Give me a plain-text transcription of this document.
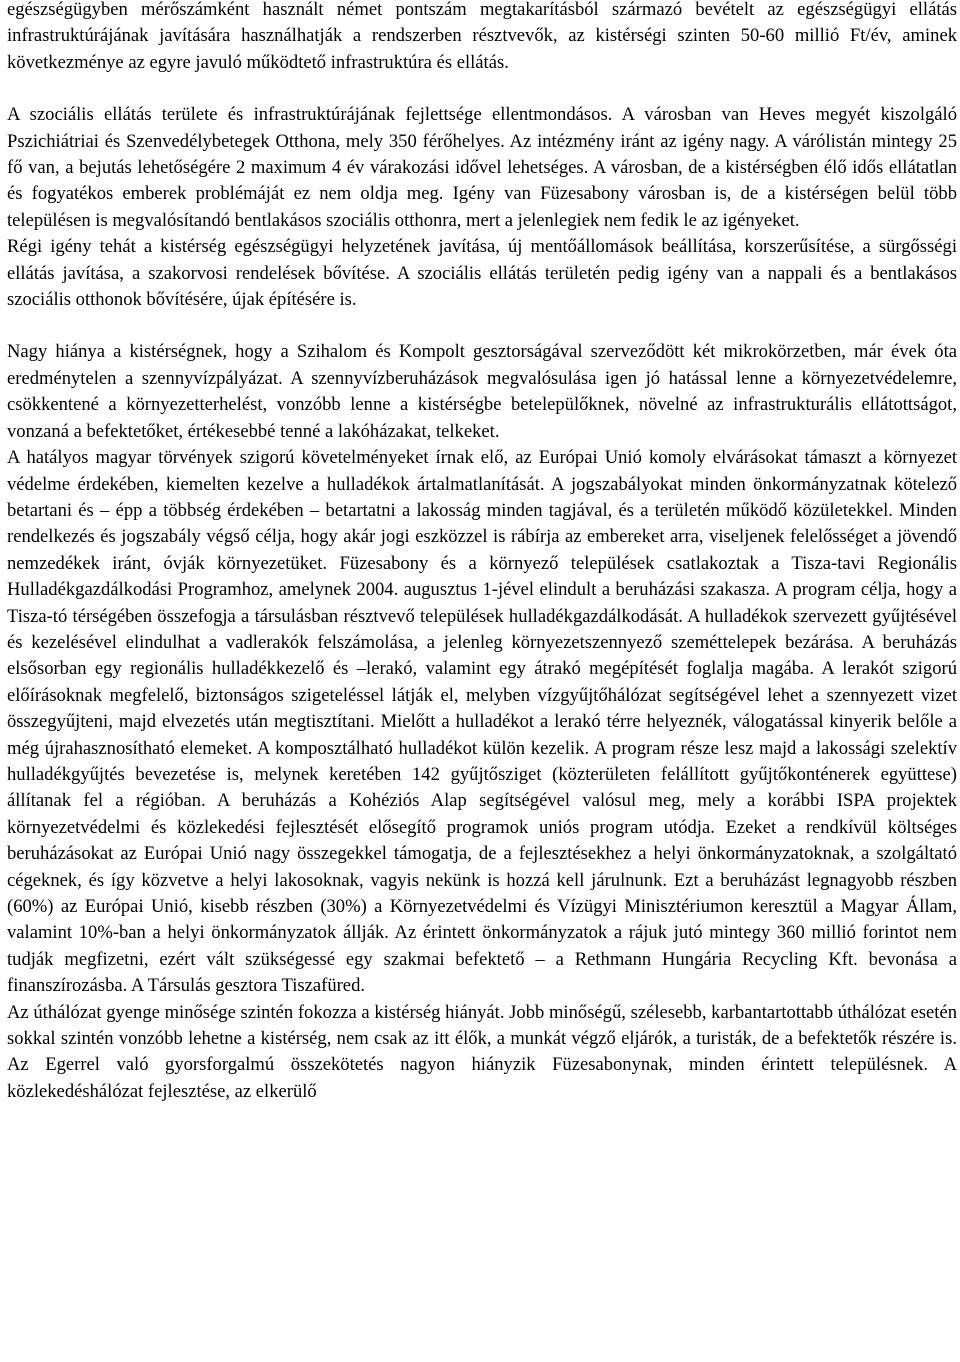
egészségügyben mérőszámként használt német pontszám megtakarításból származó bevételt az egészségügyi ellátás infrastruktúrájának javítására használhatják a rendszerben résztvevők, az kistérségi szinten 50-60 millió Ft/év, aminek következménye az egyre javuló működtető infrastruktúra és ellátás.

A szociális ellátás területe és infrastruktúrájának fejlettsége ellentmondásos. A városban van Heves megyét kiszolgáló Pszichiátriai és Szenvedélybetegek Otthona, mely 350 férőhelyes. Az intézmény iránt az igény nagy. A várólistán mintegy 25 fő van, a bejutás lehetőségére 2 maximum 4 év várakozási idővel lehetséges. A városban, de a kistérségben élő idős ellátatlan és fogyatékos emberek problémáját ez nem oldja meg. Igény van Füzesabony városban is, de a kistérségen belül több településen is megvalósítandó bentlakásos szociális otthonra, mert a jelenlegiek nem fedik le az igényeket.

Régi igény tehát a kistérség egészségügyi helyzetének javítása, új mentőállomások beállítása, korszerűsítése, a sürgősségi ellátás javítása, a szakorvosi rendelések bővítése. A szociális ellátás területén pedig igény van a nappali és a bentlakásos szociális otthonok bővítésére, újak építésére is.

Nagy hiánya a kistérségnek, hogy a Szihalom és Kompolt gesztorságával szerveződött két mikrokörzetben, már évek óta eredménytelen a szennyvízpályázat. A szennyvízberuházások megvalósulása igen jó hatással lenne a környezetvédelemre, csökkentené a környezetterhelést, vonzóbb lenne a kistérségbe betelepülőknek, növelné az infrastrukturális ellátottságot, vonzaná a befektetőket, értékesebbé tenné a lakóházakat, telkeket.

A hatályos magyar törvények szigorú követelményeket írnak elő, az Európai Unió komoly elvárásokat támaszt a környezet védelme érdekében, kiemelten kezelve a hulladékok ártalmatlanítását. A jogszabályokat minden önkormányzatnak kötelező betartani és – épp a többség érdekében – betartatni a lakosság minden tagjával, és a területén működő közületekkel. Minden rendelkezés és jogszabály végső célja, hogy akár jogi eszközzel is rábírja az embereket arra, viseljenek felelősséget a jövendő nemzedékek iránt, óvják környezetüket. Füzesabony és a környező települések csatlakoztak a Tisza-tavi Regionális Hulladékgazdálkodási Programhoz, amelynek 2004. augusztus 1-jével elindult a beruházási szakasza. A program célja, hogy a Tisza-tó térségében összefogja a társulásban résztvevő települések hulladékgazdálkodását. A hulladékok szervezett gyűjtésével és kezelésével elindulhat a vadlerakók felszámolása, a jelenleg környezetszennyező szeméttelepek bezárása. A beruházás elsősorban egy regionális hulladékkezelő és –lerakó, valamint egy átrakó megépítését foglalja magába. A lerakót szigorú előírásoknak megfelelő, biztonságos szigeteléssel látják el, melyben vízgyűjtőhálózat segítségével lehet a szennyezett vizet összegyűjteni, majd elvezetés után megtisztítani. Mielőtt a hulladékot a lerakó térre helyeznék, válogatással kinyerik belőle a még újrahasznosítható elemeket. A komposztálható hulladékot külön kezelik. A program része lesz majd a lakossági szelektív hulladékgyűjtés bevezetése is, melynek keretében 142 gyűjtősziget (közterületen felállított gyűjtőkonténerek együttese) állítanak fel a régióban. A beruházás a Kohéziós Alap segítségével valósul meg, mely a korábbi ISPA projektek környezetvédelmi és közlekedési fejlesztését elősegítő programok uniós program utódja. Ezeket a rendkívül költséges beruházásokat az Európai Unió nagy összegekkel támogatja, de a fejlesztésekhez a helyi önkormányzatoknak, a szolgáltató cégeknek, és így közvetve a helyi lakosoknak, vagyis nekünk is hozzá kell járulnunk. Ezt a beruházást legnagyobb részben (60%) az Európai Unió, kisebb részben (30%) a Környezetvédelmi és Vízügyi Minisztériumon keresztül a Magyar Állam, valamint 10%-ban a helyi önkormányzatok állják. Az érintett önkormányzatok a rájuk jutó mintegy 360 millió forintot nem tudják megfizetni, ezért vált szükségessé egy szakmai befektető – a Rethmann Hungária Recycling Kft. bevonása a finanszírozásba. A Társulás gesztora Tiszafüred.

Az úthálózat gyenge minősége szintén fokozza a kistérség hiányát. Jobb minőségű, szélesebb, karbantartottabb úthálózat esetén sokkal szintén vonzóbb lehetne a kistérség, nem csak az itt élők, a munkát végző eljárók, a turisták, de a befektetők részére is. Az Egerrel való gyorsforgalmú összekötetés nagyon hiányzik Füzesabonynak, minden érintett településnek. A közlekedéshálózat fejlesztése, az elkerülő
